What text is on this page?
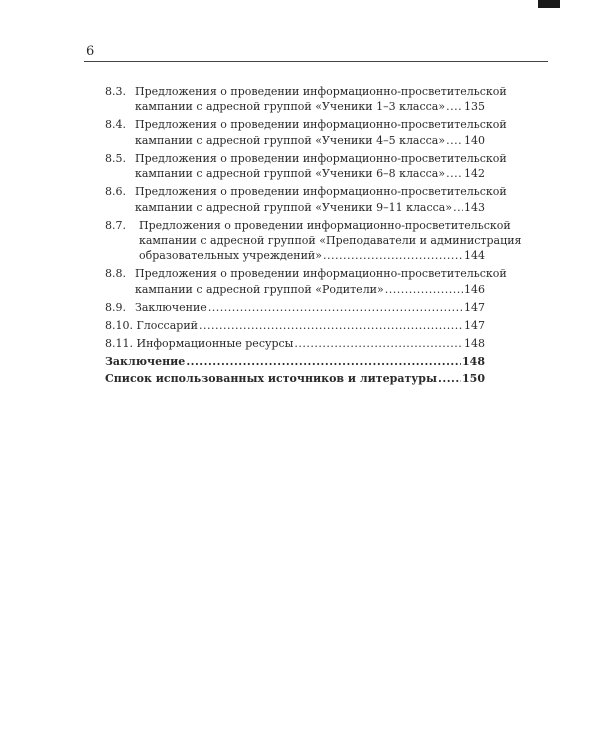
6
8.3. Предложения о проведении информационно-просветительской
кампании с адресной группой «Ученики 1–3 класса» ..... 135
8.4. Предложения о проведении информационно-просветительской
кампании с адресной группой «Ученики 4–5 класса» ..... 140
8.5. Предложения о проведении информационно-просветительской
кампании с адресной группой «Ученики 6–8 класса» ..... 142
8.6. Предложения о проведении информационно-просветительской
кампании с адресной группой «Ученики 9–11 класса» ..... 143
8.7. Предложения о проведении информационно-просветительской
кампании с адресной группой «Преподаватели и администрация
образовательных учреждений» .....	144
8.8. Предложения о проведении информационно-просветительской
кампании с адресной группой «Родители» .....	146
8.9. Заключение .....	147
8.10. Глоссарий .....	147
8.11. Информационные ресурсы .....	148
Заключение .....	148
Список использованных источников и литературы ..... 150
